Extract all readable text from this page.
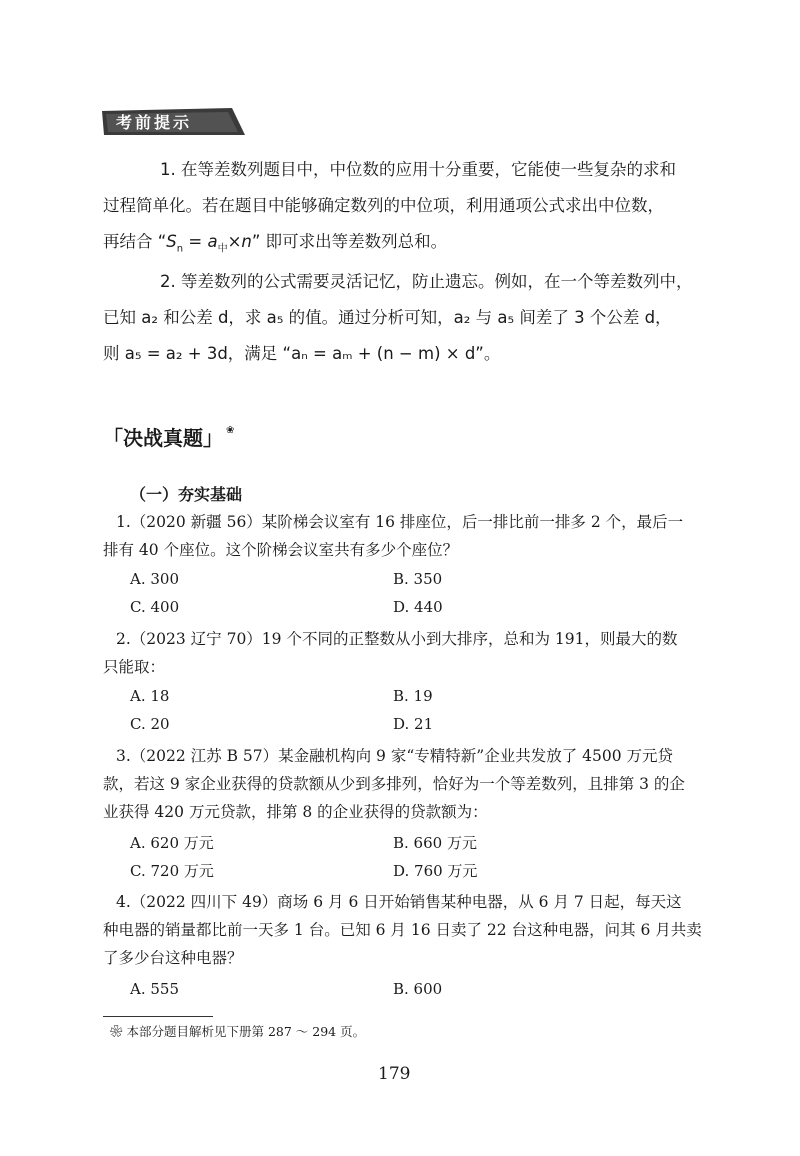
考前提示
1. 在等差数列题目中，中位数的应用十分重要，它能使一些复杂的求和
过程简单化。若在题目中能够确定数列的中位项，利用通项公式求出中位数，
再结合 “$S_n = a_中\times n$” 即可求出等差数列总和。
2. 等差数列的公式需要灵活记忆，防止遗忘。例如，在一个等差数列中，
已知 a₂ 和公差 d，求 a₅ 的值。通过分析可知，a₂ 与 a₅ 间差了 3 个公差 d，
则 a₅ = a₂ + 3d，满足 “aₙ = aₘ + (n − m) × d”。
「决战真题」 ❀
（一）夯实基础
1.（2020 新疆 56）某阶梯会议室有 16 排座位，后一排比前一排多 2 个，最后一
排有 40 个座位。这个阶梯会议室共有多少个座位？
A. 300	B. 350
C. 400	D. 440
2.（2023 辽宁 70）19 个不同的正整数从小到大排序，总和为 191，则最大的数
只能取：
A. 18	B. 19
C. 20	D. 21
3.（2022 江苏 B 57）某金融机构向 9 家“专精特新”企业共发放了 4500 万元贷
款，若这 9 家企业获得的贷款额从少到多排列，恰好为一个等差数列，且排第 3 的企
业获得 420 万元贷款，排第 8 的企业获得的贷款额为：
A. 620 万元	B. 660 万元
C. 720 万元	D. 760 万元
4.（2022 四川下 49）商场 6 月 6 日开始销售某种电器，从 6 月 7 日起，每天这
种电器的销量都比前一天多 1 台。已知 6 月 16 日卖了 22 台这种电器，问其 6 月共卖
了多少台这种电器？
A. 555	B. 600
❀ 本部分题目解析见下册第 287 ～ 294 页。
179
